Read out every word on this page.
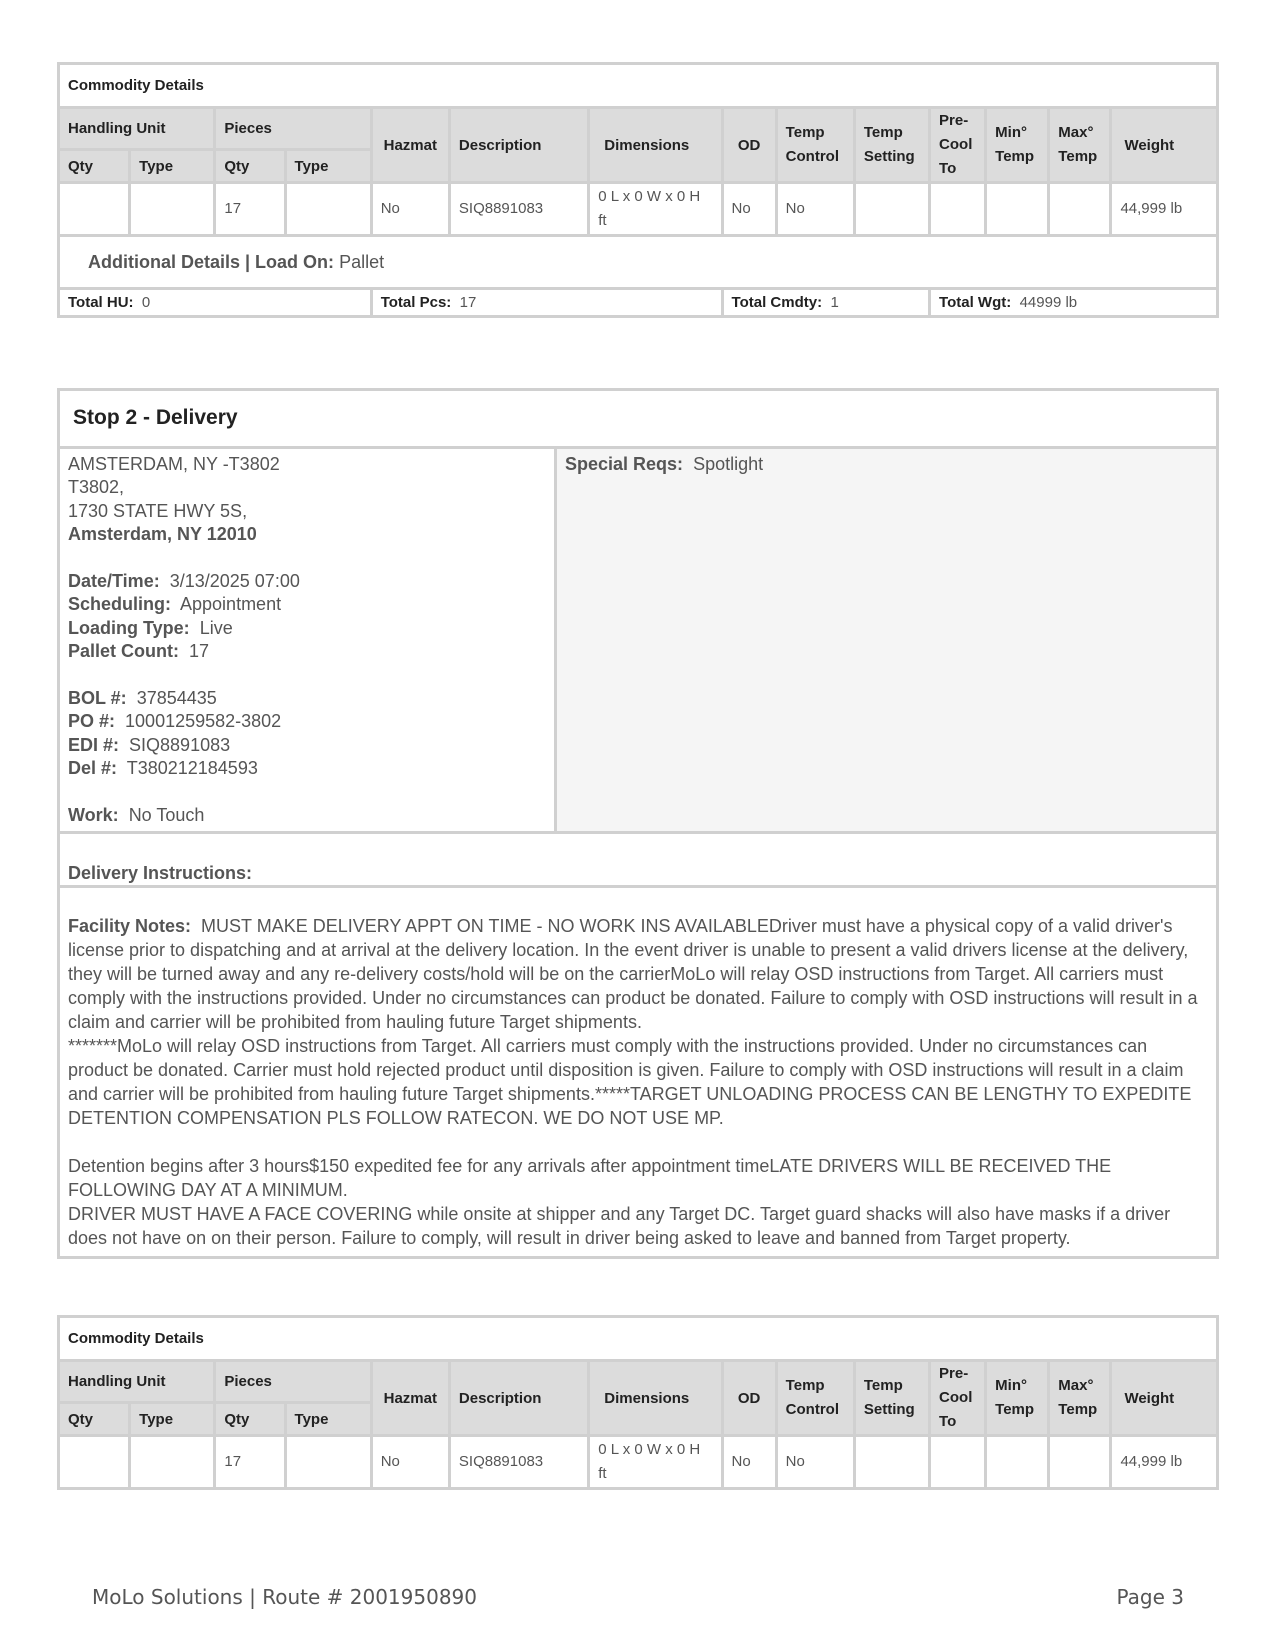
Commodity Details													
Handling Unit		Pieces		Hazmat	Description	Dimensions	OD	Temp Control	Temp Setting	Pre-Cool To	Min° Temp	Max° Temp	Weight
Qty	Type	Qty	Type										
		17		No	SIQ8891083	0 L x 0 W x 0 H ft	No	No					44,999 lb
Additional Details | Load On: Pallet													
Total HU: 0				Total Pcs: 17			Total Cmdty: 1			Total Wgt: 44999 lb			
Stop 2 - Delivery
AMSTERDAM, NY -T3802
T3802,
1730 STATE HWY 5S,
Amsterdam, NY 12010
Date/Time: 3/13/2025 07:00
Scheduling: Appointment
Loading Type: Live
Pallet Count: 17
BOL #: 37854435
PO #: 10001259582-3802
EDI #: SIQ8891083
Del #: T380212184593
Work: No Touch
Special Reqs: Spotlight
Delivery Instructions:

Facility Notes: MUST MAKE DELIVERY APPT ON TIME - NO WORK INS AVAILABLEDriver must have a physical copy of a valid driver's license prior to dispatching and at arrival at the delivery location. In the event driver is unable to present a valid drivers license at the delivery, they will be turned away and any re-delivery costs/hold will be on the carrierMoLo will relay OSD instructions from Target. All carriers must comply with the instructions provided. Under no circumstances can product be donated. Failure to comply with OSD instructions will result in a claim and carrier will be prohibited from hauling future Target shipments.

*******MoLo will relay OSD instructions from Target. All carriers must comply with the instructions provided. Under no circumstances can product be donated. Carrier must hold rejected product until disposition is given. Failure to comply with OSD instructions will result in a claim and carrier will be prohibited from hauling future Target shipments.*****TARGET UNLOADING PROCESS CAN BE LENGTHY TO EXPEDITE DETENTION COMPENSATION PLS FOLLOW RATECON. WE DO NOT USE MP.

Detention begins after 3 hours$150 expedited fee for any arrivals after appointment timeLATE DRIVERS WILL BE RECEIVED THE FOLLOWING DAY AT A MINIMUM.

DRIVER MUST HAVE A FACE COVERING while onsite at shipper and any Target DC. Target guard shacks will also have masks if a driver does not have on on their person. Failure to comply, will result in driver being asked to leave and banned from Target property.

Commodity Details													
Handling Unit		Pieces		Hazmat	Description	Dimensions	OD	Temp Control	Temp Setting	Pre-Cool To	Min° Temp	Max° Temp	Weight
Qty	Type	Qty	Type										
		17		No	SIQ8891083	0 L x 0 W x 0 H ft	No	No					44,999 lb
MoLo Solutions | Route # 2001950890	Page 3
